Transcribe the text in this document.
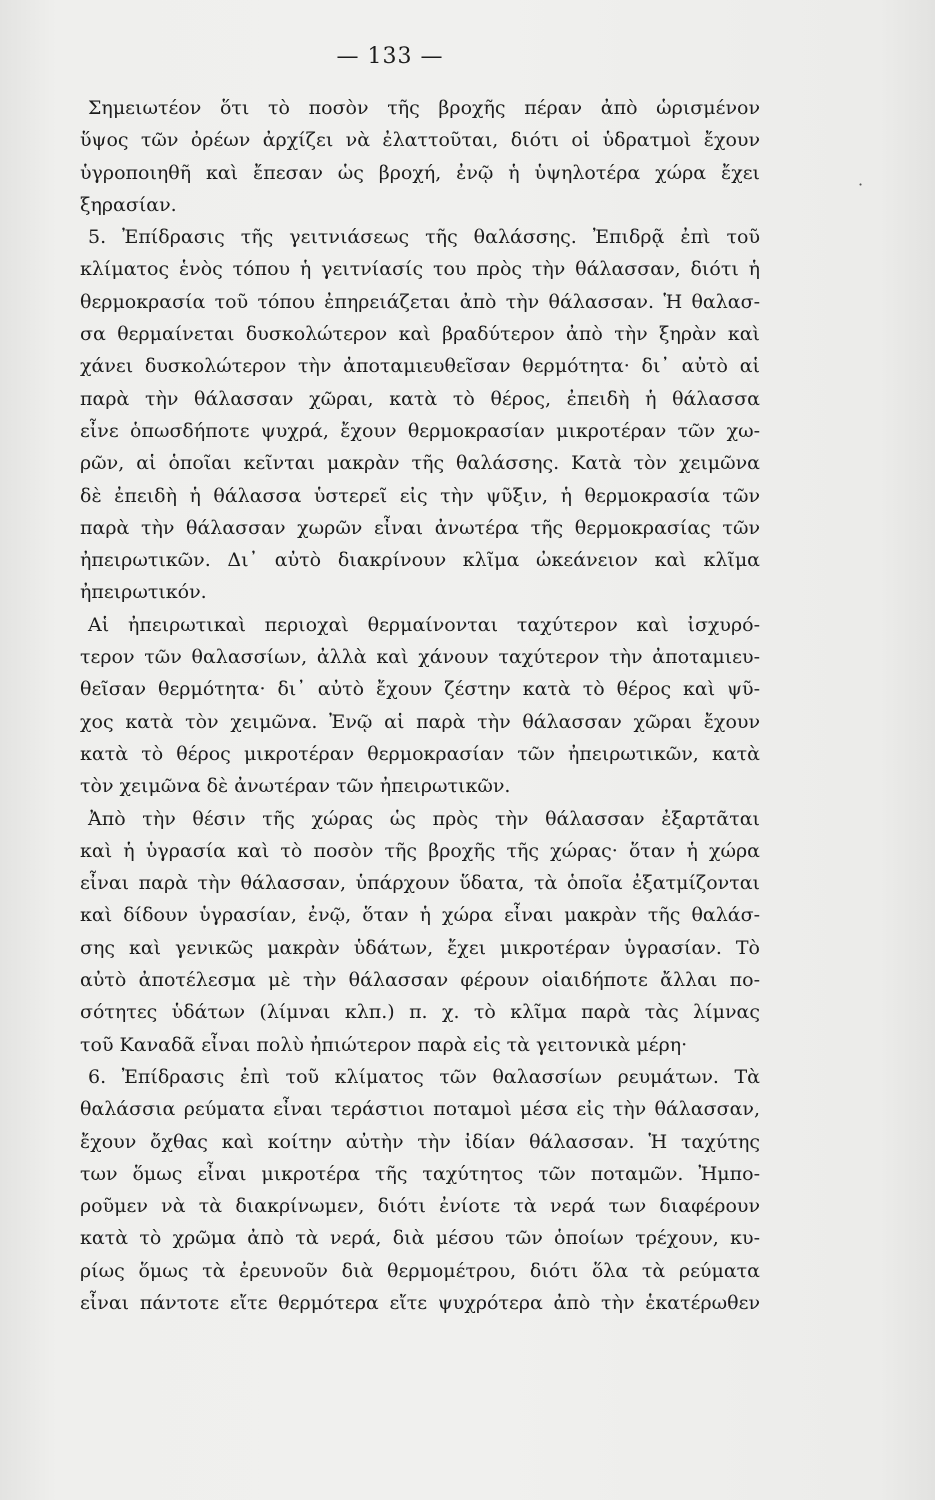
— 133 —
Σημειωτέον ὅτι τὸ ποσὸν τῆς βροχῆς πέραν ἀπὸ ὡρισμένον
ὕψος τῶν ὀρέων ἀρχίζει νὰ ἐλαττοῦται, διότι οἱ ὑδρατμοὶ ἔχουν
ὑγροποιηθῆ καὶ ἔπεσαν ὡς βροχή, ἐνῷ ἡ ὑψηλοτέρα χώρα ἔχει
ξηρασίαν.
5. Ἐπίδρασις τῆς γειτνιάσεως τῆς θαλάσσης. Ἐπιδρᾷ ἐπὶ τοῦ
κλίματος ἑνὸς τόπου ἡ γειτνίασίς του πρὸς τὴν θάλασσαν, διότι ἡ
θερμοκρασία τοῦ τόπου ἐπηρειάζεται ἀπὸ τὴν θάλασσαν. Ἡ θαλασ-
σα θερμαίνεται δυσκολώτερον καὶ βραδύτερον ἀπὸ τὴν ξηρὰν καὶ
χάνει δυσκολώτερον τὴν ἀποταμιευθεῖσαν θερμότητα· δι᾿ αὐτὸ αἱ
παρὰ τὴν θάλασσαν χῶραι, κατὰ τὸ θέρος, ἐπειδὴ ἡ θάλασσα
εἶνε ὁπωσδήποτε ψυχρά, ἔχουν θερμοκρασίαν μικροτέραν τῶν χω-
ρῶν, αἱ ὁποῖαι κεῖνται μακρὰν τῆς θαλάσσης. Κατὰ τὸν χειμῶνα
δὲ ἐπειδὴ ἡ θάλασσα ὑστερεῖ εἰς τὴν ψῦξιν, ἡ θερμοκρασία τῶν
παρὰ τὴν θάλασσαν χωρῶν εἶναι ἀνωτέρα τῆς θερμοκρασίας τῶν
ἠπειρωτικῶν. Δι᾿ αὐτὸ διακρίνουν κλῖμα ὠκεάνειον καὶ κλῖμα
ἠπειρωτικόν.
Αἱ ἠπειρωτικαὶ περιοχαὶ θερμαίνονται ταχύτερον καὶ ἰσχυρό-
τερον τῶν θαλασσίων, ἀλλὰ καὶ χάνουν ταχύτερον τὴν ἀποταμιευ-
θεῖσαν θερμότητα· δι᾿ αὐτὸ ἔχουν ζέστην κατὰ τὸ θέρος καὶ ψῦ-
χος κατὰ τὸν χειμῶνα. Ἐνῷ αἱ παρὰ τὴν θάλασσαν χῶραι ἔχουν
κατὰ τὸ θέρος μικροτέραν θερμοκρασίαν τῶν ἠπειρωτικῶν, κατὰ
τὸν χειμῶνα δὲ ἀνωτέραν τῶν ἠπειρωτικῶν.
Ἀπὸ τὴν θέσιν τῆς χώρας ὡς πρὸς τὴν θάλασσαν ἐξαρτᾶται
καὶ ἡ ὑγρασία καὶ τὸ ποσὸν τῆς βροχῆς τῆς χώρας· ὅταν ἡ χώρα
εἶναι παρὰ τὴν θάλασσαν, ὑπάρχουν ὕδατα, τὰ ὁποῖα ἐξατμίζονται
καὶ δίδουν ὑγρασίαν, ἐνῷ, ὅταν ἡ χώρα εἶναι μακρὰν τῆς θαλάσ-
σης καὶ γενικῶς μακρὰν ὑδάτων, ἔχει μικροτέραν ὑγρασίαν. Τὸ
αὐτὸ ἀποτέλεσμα μὲ τὴν θάλασσαν φέρουν οἱαιδήποτε ἄλλαι πο-
σότητες ὑδάτων (λίμναι κλπ.) π. χ. τὸ κλῖμα παρὰ τὰς λίμνας
τοῦ Καναδᾶ εἶναι πολὺ ἠπιώτερον παρὰ εἰς τὰ γειτονικὰ μέρη·
6. Ἐπίδρασις ἐπὶ τοῦ κλίματος τῶν θαλασσίων ρευμάτων. Τὰ
θαλάσσια ρεύματα εἶναι τεράστιοι ποταμοὶ μέσα εἰς τὴν θάλασσαν,
ἔχουν ὄχθας καὶ κοίτην αὐτὴν τὴν ἰδίαν θάλασσαν. Ἡ ταχύτης
των ὅμως εἶναι μικροτέρα τῆς ταχύτητος τῶν ποταμῶν. Ἠμπο-
ροῦμεν νὰ τὰ διακρίνωμεν, διότι ἐνίοτε τὰ νερά των διαφέρουν
κατὰ τὸ χρῶμα ἀπὸ τὰ νερά, διὰ μέσου τῶν ὁποίων τρέχουν, κυ-
ρίως ὅμως τὰ ἐρευνοῦν διὰ θερμομέτρου, διότι ὅλα τὰ ρεύματα
εἶναι πάντοτε εἴτε θερμότερα εἴτε ψυχρότερα ἀπὸ τὴν ἑκατέρωθεν
·
